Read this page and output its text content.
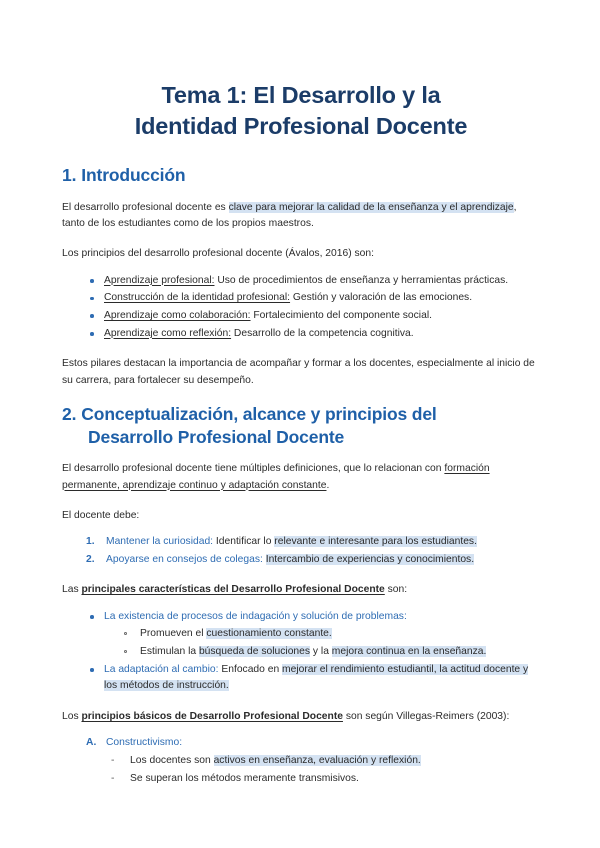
Tema 1: El Desarrollo y la
Identidad Profesional Docente
1. Introducción

El desarrollo profesional docente es clave para mejorar la calidad de la enseñanza y el aprendizaje, tanto de los estudiantes como de los propios maestros.

Los principios del desarrollo profesional docente (Ávalos, 2016) son:

Aprendizaje profesional: Uso de procedimientos de enseñanza y herramientas prácticas.
Construcción de la identidad profesional: Gestión y valoración de las emociones.
Aprendizaje como colaboración: Fortalecimiento del componente social.
Aprendizaje como reflexión: Desarrollo de la competencia cognitiva.

Estos pilares destacan la importancia de acompañar y formar a los docentes, especialmente al inicio de su carrera, para fortalecer su desempeño.

2. Conceptualización, alcance y principios del
Desarrollo Profesional Docente

El desarrollo profesional docente tiene múltiples definiciones, que lo relacionan con formación permanente, aprendizaje continuo y adaptación constante.

El docente debe:

Mantener la curiosidad: Identificar lo relevante e interesante para los estudiantes.
Apoyarse en consejos de colegas: Intercambio de experiencias y conocimientos.

Las principales características del Desarrollo Profesional Docente son:

La existencia de procesos de indagación y solución de problemas:
Promueven el cuestionamiento constante.
Estimulan la búsqueda de soluciones y la mejora continua en la enseñanza.
La adaptación al cambio: Enfocado en mejorar el rendimiento estudiantil, la actitud docente y los métodos de instrucción.

Los principios básicos de Desarrollo Profesional Docente son según Villegas-Reimers (2003):

Constructivismo:
- Los docentes son activos en enseñanza, evaluación y reflexión.
- Se superan los métodos meramente transmisivos.
